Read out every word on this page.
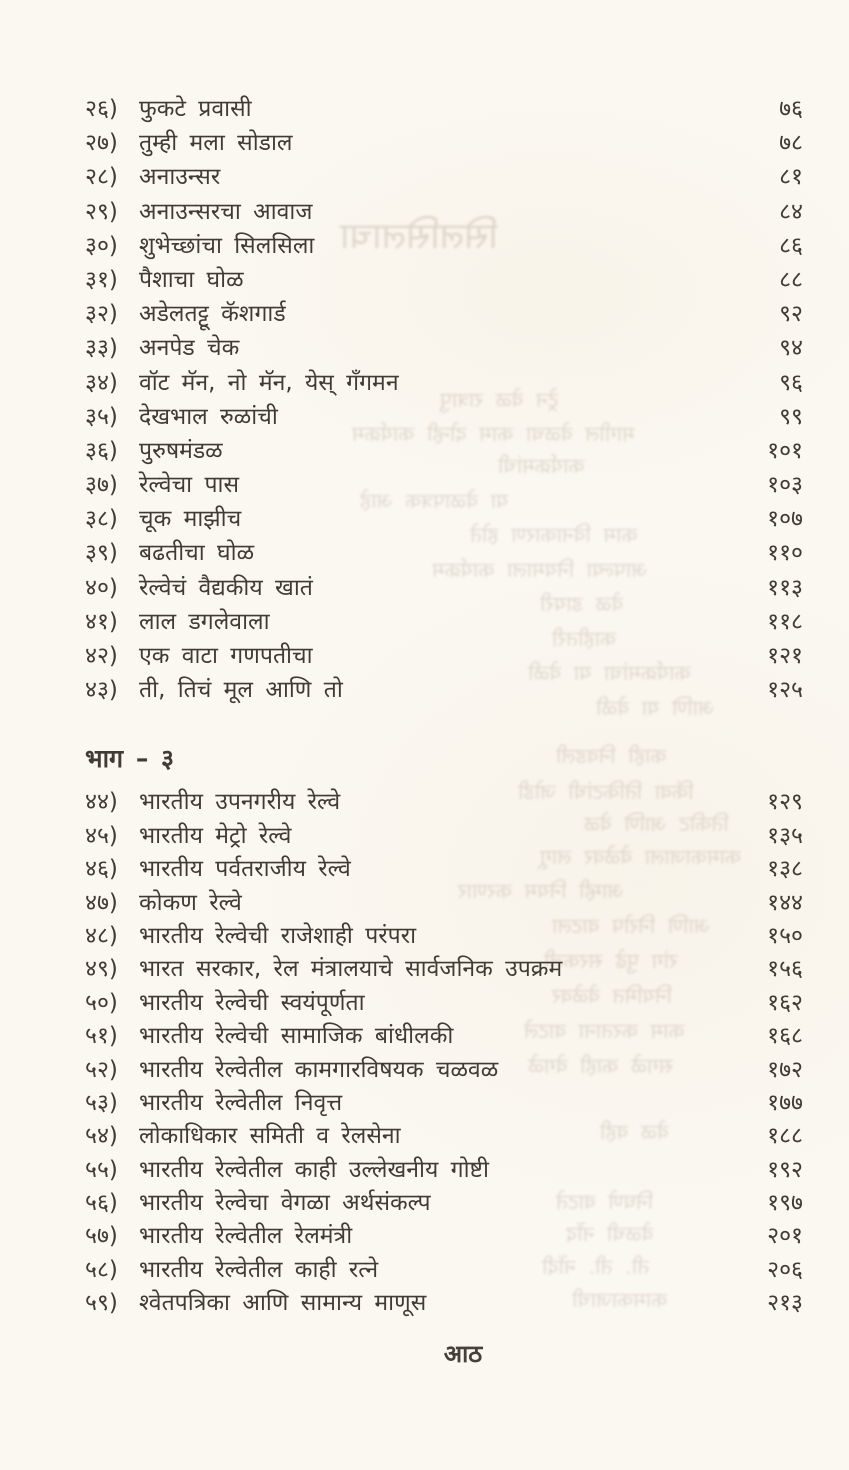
सिलसिलाचा
ट्रेन वेळ रात्रापु
मागील वेळचा काम दोन्ही कार्यक्रम
कार्यक्रमांची
या वेळापत्रक आहे
काम विनाकारण होते
आपल्या नियमाला कार्यक्रम
वेळ डायरी
काहीतरी
कार्यक्रमांचा या वेळी
आणि या वेळी
काही निवडली
किंवा तिकिटांची जोडी
तिकीट आणि वेळ
कामकाजाला वेळेवर लागू
आम्ही नियम करणार
आणि निरोप वाटला
रांग पुढे सरकली
नियमित वेळेवर
काम करताना वाटले
सगळे काही वेगळे
वेळ वही
निघणे वाटते
वेळची नोंद
ती. ती. नोंदी
कामकाजाची
२६) फुकटे प्रवासी	७६
२७) तुम्ही मला सोडाल	७८
२८) अनाउन्सर	८१
२९) अनाउन्सरचा आवाज	८४
३०) शुभेच्छांचा सिलसिला	८६
३१) पैशाचा घोळ	८८
३२) अडेलतट्टू कॅशगार्ड	९२
३३) अनपेड चेक	९४
३४) वॉट मॅन, नो मॅन, येस् गँगमन	९६
३५) देखभाल रुळांची	९९
३६) पुरुषमंडळ	१०१
३७) रेल्वेचा पास	१०३
३८) चूक माझीच	१०७
३९) बढतीचा घोळ	११०
४०) रेल्वेचं वैद्यकीय खातं	११३
४१) लाल डगलेवाला	११८
४२) एक वाटा गणपतीचा	१२१
४३) ती, तिचं मूल आणि तो	१२५
भाग – ३
४४) भारतीय उपनगरीय रेल्वे	१२९
४५) भारतीय मेट्रो रेल्वे	१३५
४६) भारतीय पर्वतराजीय रेल्वे	१३८
४७) कोकण रेल्वे	१४४
४८) भारतीय रेल्वेची राजेशाही परंपरा	१५०
४९) भारत सरकार, रेल मंत्रालयाचे सार्वजनिक उपक्रम	१५६
५०) भारतीय रेल्वेची स्वयंपूर्णता	१६२
५१) भारतीय रेल्वेची सामाजिक बांधीलकी	१६८
५२) भारतीय रेल्वेतील कामगारविषयक चळवळ	१७२
५३) भारतीय रेल्वेतील निवृत्त	१७७
५४) लोकाधिकार समिती व रेलसेना	१८८
५५) भारतीय रेल्वेतील काही उल्लेखनीय गोष्टी	१९२
५६) भारतीय रेल्वेचा वेगळा अर्थसंकल्प	१९७
५७) भारतीय रेल्वेतील रेलमंत्री	२०१
५८) भारतीय रेल्वेतील काही रत्ने	२०६
५९) श्वेतपत्रिका आणि सामान्य माणूस	२१३
आठ
